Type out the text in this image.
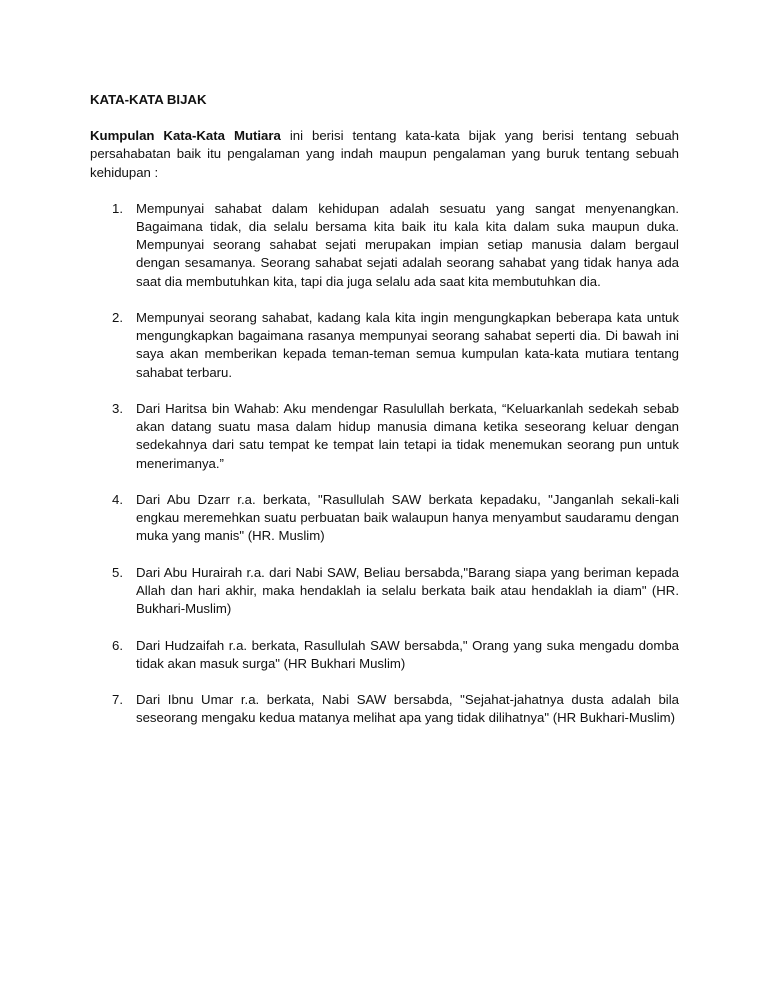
KATA-KATA BIJAK

Kumpulan Kata-Kata Mutiara ini berisi tentang kata-kata bijak yang berisi tentang sebuah persahabatan baik itu pengalaman yang indah maupun pengalaman yang buruk tentang sebuah kehidupan :

1. Mempunyai sahabat dalam kehidupan adalah sesuatu yang sangat menyenangkan. Bagaimana tidak, dia selalu bersama kita baik itu kala kita dalam suka maupun duka. Mempunyai seorang sahabat sejati merupakan impian setiap manusia dalam bergaul dengan sesamanya. Seorang sahabat sejati adalah seorang sahabat yang tidak hanya ada saat dia membutuhkan kita, tapi dia juga selalu ada saat kita membutuhkan dia.
2. Mempunyai seorang sahabat, kadang kala kita ingin mengungkapkan beberapa kata untuk mengungkapkan bagaimana rasanya mempunyai seorang sahabat seperti dia. Di bawah ini saya akan memberikan kepada teman-teman semua kumpulan kata-kata mutiara tentang sahabat terbaru.
3. Dari Haritsa bin Wahab: Aku mendengar Rasulullah berkata, “Keluarkanlah sedekah sebab akan datang suatu masa dalam hidup manusia dimana ketika seseorang keluar dengan sedekahnya dari satu tempat ke tempat lain tetapi ia tidak menemukan seorang pun untuk menerimanya.”
4. Dari Abu Dzarr r.a. berkata, "Rasullulah SAW berkata kepadaku, "Janganlah sekali-kali engkau meremehkan suatu perbuatan baik walaupun hanya menyambut saudaramu dengan muka yang manis" (HR. Muslim)
5. Dari Abu Hurairah r.a. dari Nabi SAW, Beliau bersabda,"Barang siapa yang beriman kepada Allah dan hari akhir, maka hendaklah ia selalu berkata baik atau hendaklah ia diam" (HR. Bukhari-Muslim)
6. Dari Hudzaifah r.a. berkata, Rasullulah SAW bersabda," Orang yang suka mengadu domba tidak akan masuk surga" (HR Bukhari Muslim)
7. Dari Ibnu Umar r.a. berkata, Nabi SAW bersabda, "Sejahat-jahatnya dusta adalah bila seseorang mengaku kedua matanya melihat apa yang tidak dilihatnya" (HR Bukhari-Muslim)
